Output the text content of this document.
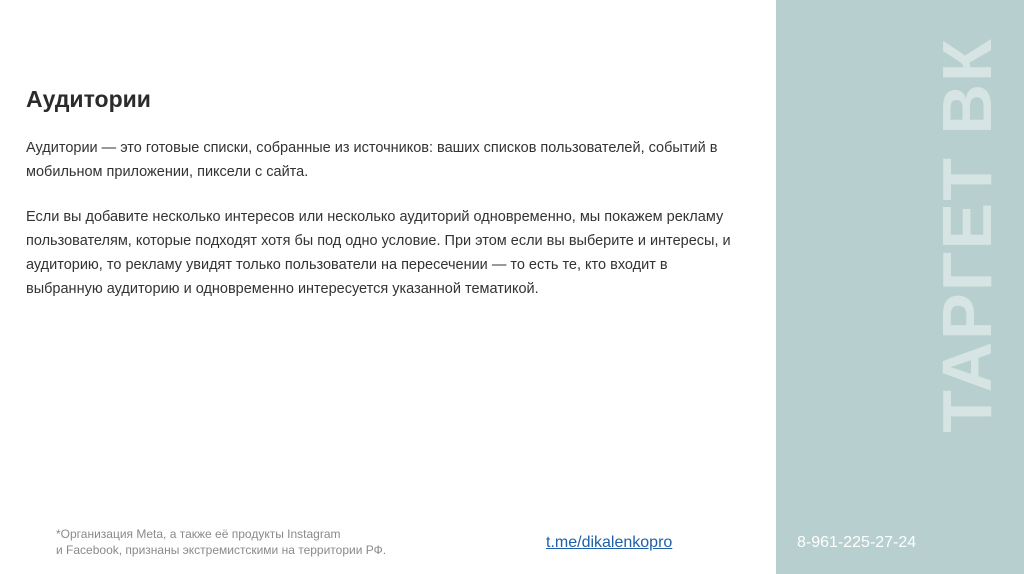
ТАРГЕТ ВК
Аудитории

Аудитории — это готовые списки, собранные из источников: ваших списков пользователей, событий в мобильном приложении, пиксели с сайта.

Если вы добавите несколько интересов или несколько аудиторий одновременно, мы покажем рекламу пользователям, которые подходят хотя бы под одно условие. При этом если вы выберите и интересы, и аудиторию, то рекламу увидят только пользователи на пересечении — то есть те, кто входит в выбранную аудиторию и одновременно интересуется указанной тематикой.

*Организация Meta, а также её продукты Instagram
и Facebook, признаны экстремистскими на территории РФ.	t.me/dikalenkopro	8-961-225-27-24
